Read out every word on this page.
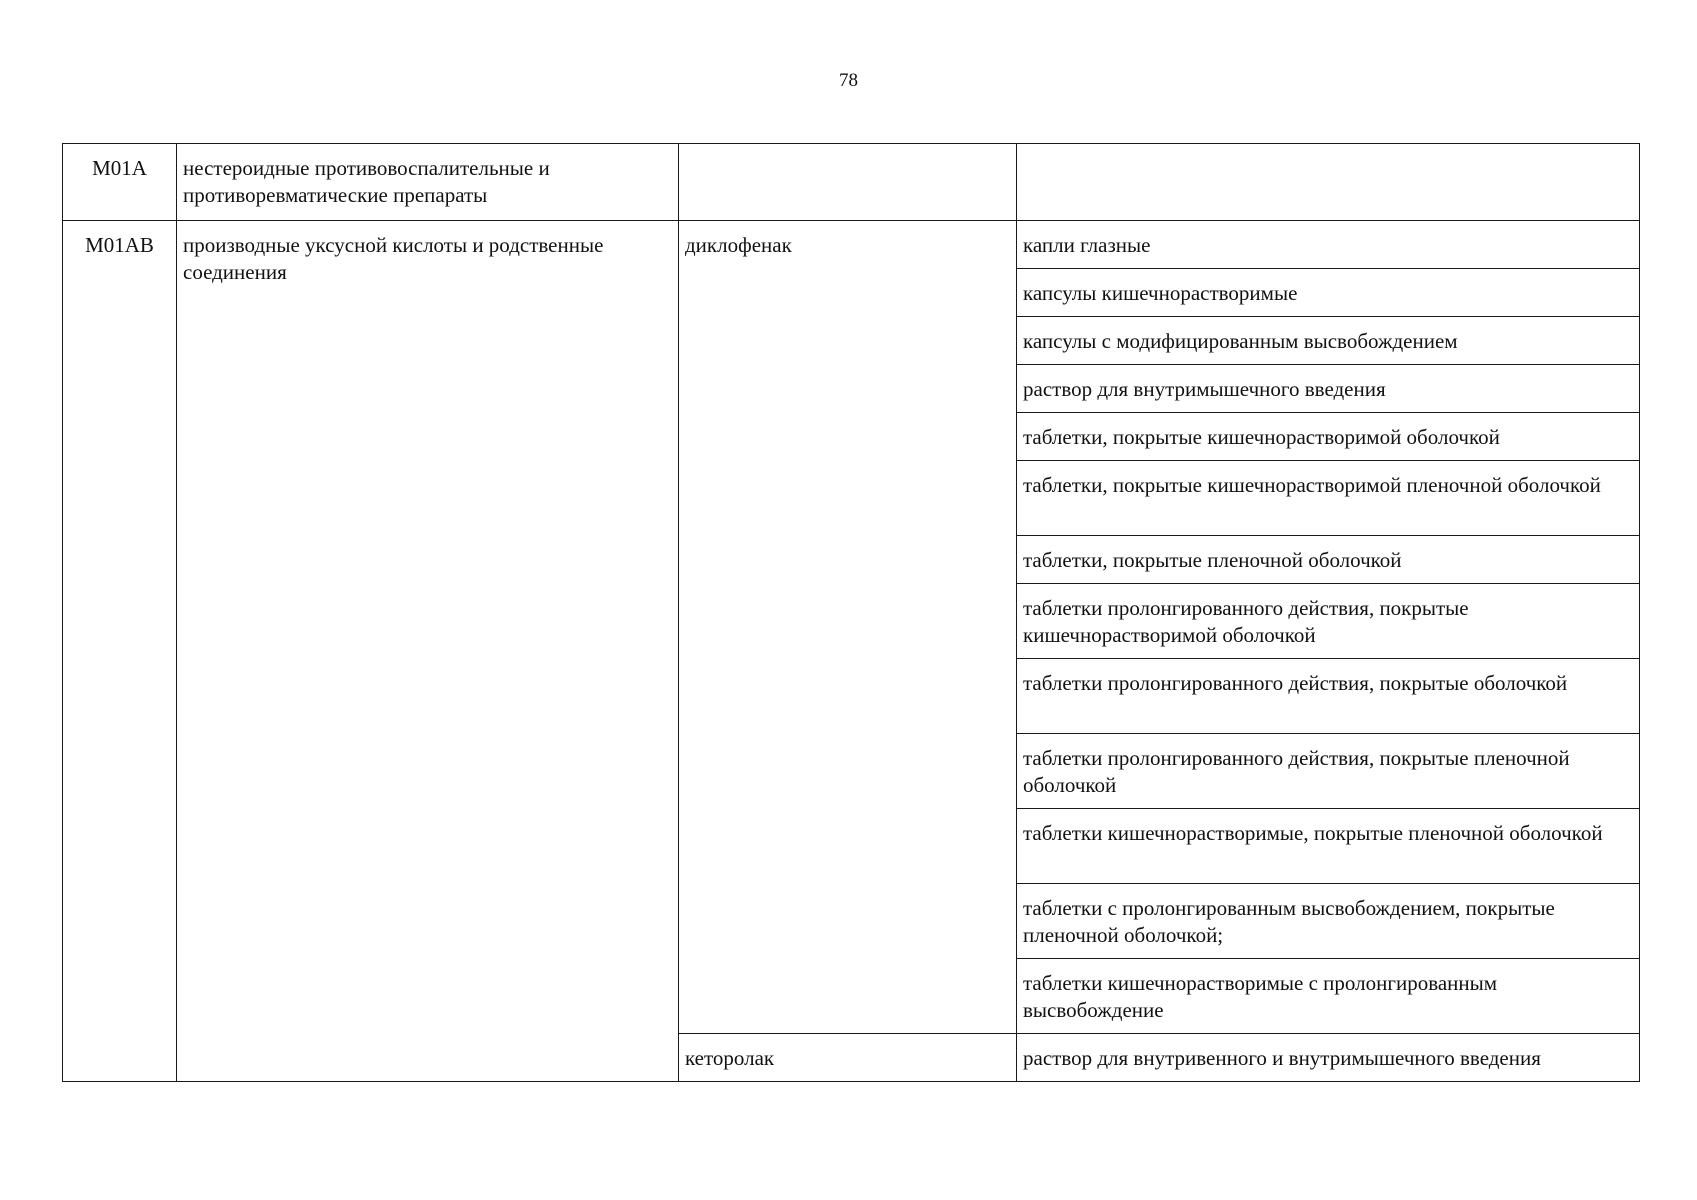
78
M01A	нестероидные противовоспалительные и противоревматические препараты		
M01AB	производные уксусной кислоты и родственные соединения	диклофенак	капли глазные
			капсулы кишечнорастворимые
			капсулы с модифицированным высвобождением
			раствор для внутримышечного введения
			таблетки, покрытые кишечнорастворимой оболочкой
			таблетки, покрытые кишечнорастворимой пленочной оболочкой
			таблетки, покрытые пленочной оболочкой
			таблетки пролонгированного действия, покрытые кишечнорастворимой оболочкой
			таблетки пролонгированного действия, покрытые оболочкой
			таблетки пролонгированного действия, покрытые пленочной оболочкой
			таблетки кишечнорастворимые, покрытые пленочной оболочкой
			таблетки с пролонгированным высвобождением, покрытые пленочной оболочкой;
			таблетки кишечнорастворимые с пролонгированным высвобождение
		кеторолак	раствор для внутривенного и внутримышечного введения
